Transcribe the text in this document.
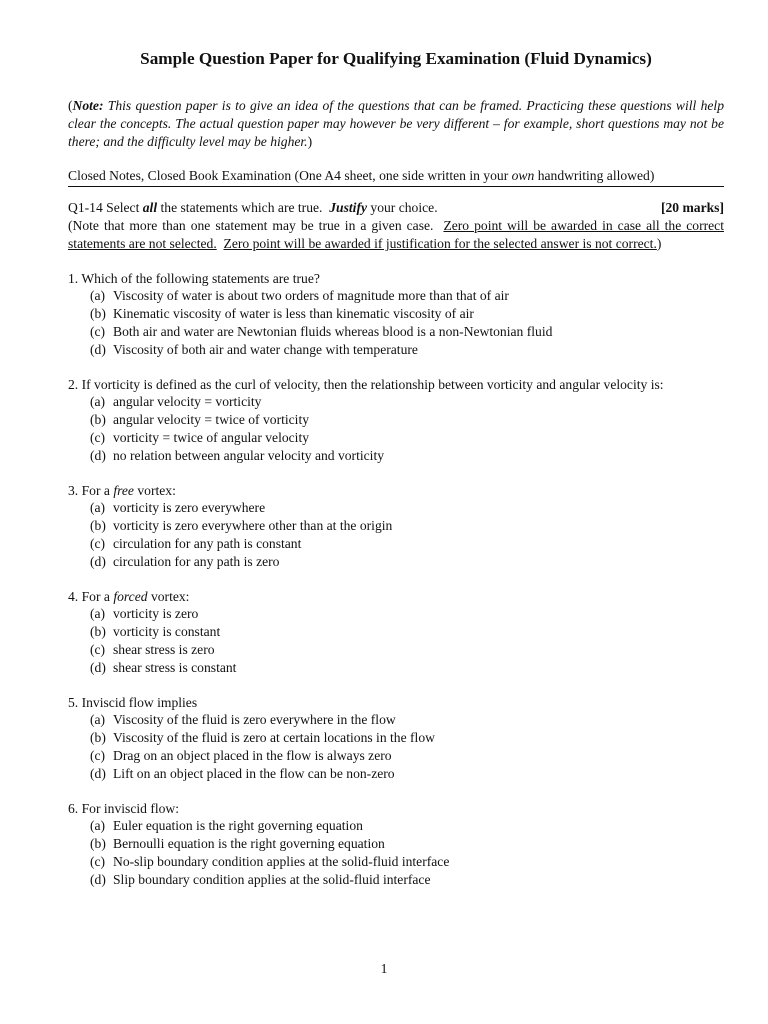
Sample Question Paper for Qualifying Examination (Fluid Dynamics)
(Note: This question paper is to give an idea of the questions that can be framed. Practicing these questions will help clear the concepts. The actual question paper may however be very different – for example, short questions may not be there; and the difficulty level may be higher.)
Closed Notes, Closed Book Examination (One A4 sheet, one side written in your own handwriting allowed)
Q1-14 Select all the statements which are true.  Justify your choice.	[20 marks]
(Note that more than one statement may be true in a given case.  Zero point will be awarded in case all the correct statements are not selected. Zero point will be awarded if justification for the selected answer is not correct.)
1. Which of the following statements are true?
(a) Viscosity of water is about two orders of magnitude more than that of air
(b) Kinematic viscosity of water is less than kinematic viscosity of air
(c) Both air and water are Newtonian fluids whereas blood is a non-Newtonian fluid
(d) Viscosity of both air and water change with temperature
2. If vorticity is defined as the curl of velocity, then the relationship between vorticity and angular velocity is:
(a) angular velocity = vorticity
(b) angular velocity = twice of vorticity
(c) vorticity = twice of angular velocity
(d) no relation between angular velocity and vorticity
3. For a free vortex:
(a) vorticity is zero everywhere
(b) vorticity is zero everywhere other than at the origin
(c) circulation for any path is constant
(d) circulation for any path is zero
4. For a forced vortex:
(a) vorticity is zero
(b) vorticity is constant
(c) shear stress is zero
(d) shear stress is constant
5. Inviscid flow implies
(a) Viscosity of the fluid is zero everywhere in the flow
(b) Viscosity of the fluid is zero at certain locations in the flow
(c) Drag on an object placed in the flow is always zero
(d) Lift on an object placed in the flow can be non-zero
6. For inviscid flow:
(a) Euler equation is the right governing equation
(b) Bernoulli equation is the right governing equation
(c) No-slip boundary condition applies at the solid-fluid interface
(d) Slip boundary condition applies at the solid-fluid interface
1
